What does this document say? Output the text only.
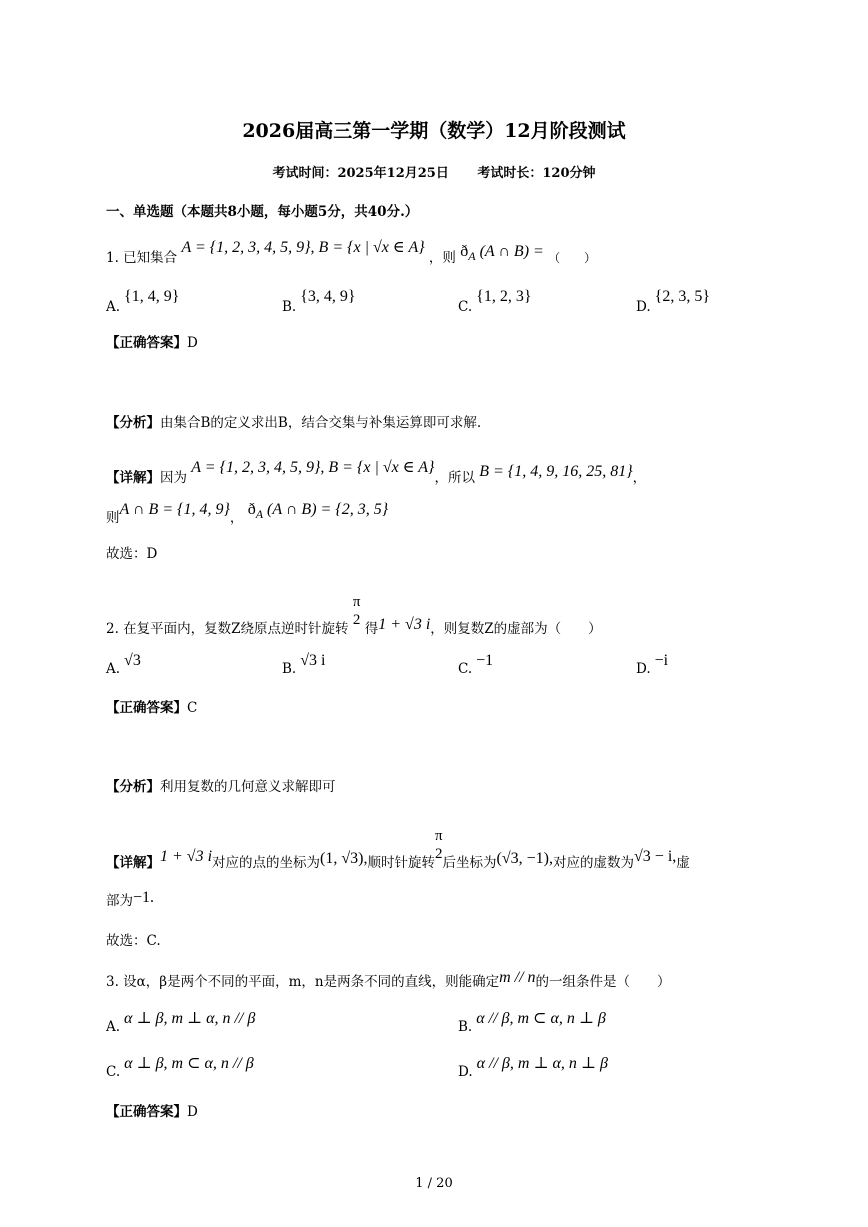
2026届高三第一学期（数学）12月阶段测试
考试时间：2025年12月25日 考试时长：120分钟
一、单选题（本题共8小题，每小题5分，共40分.）
1. 已知集合 A = {1, 2, 3, 4, 5, 9}, B = {x | √x ∈ A} ，则 $ð_A$ (A ∩ B) = （　　）
A.{1, 4, 9}
B.{3, 4, 9}
C.{1, 2, 3}
D.{2, 3, 5}
【正确答案】D
【分析】由集合B的定义求出B，结合交集与补集运算即可求解.
【详解】因为 A = {1, 2, 3, 4, 5, 9}, B = {x | √x ∈ A}，所以 B = {1, 4, 9, 16, 25, 81}，
则A ∩ B = {1, 4, 9}， $ð_A$ (A ∩ B) = {2, 3, 5}
故选：D
2. 在复平面内，复数Z绕原点逆时针旋转
π
2
得1 + √3 i，则复数Z的虚部为（　　）
A. √3	B. √3 i	C. −1	D. −i
【正确答案】C
【分析】利用复数的几何意义求解即可
【详解】1 + √3 i对应的点的坐标为(1, √3),顺时针旋转
π
2
后坐标为(√3, −1),对应的虚数为√3 − i,虚
部为−1.
故选：C.
3. 设α，β是两个不同的平面，m，n是两条不同的直线，则能确定m // n的一组条件是（　　）
A. α ⊥ β, m ⊥ α, n // β	B. α // β, m ⊂ α, n ⊥ β
C. α ⊥ β, m ⊂ α, n // β	D. α // β, m ⊥ α, n ⊥ β
【正确答案】D
1 / 20
